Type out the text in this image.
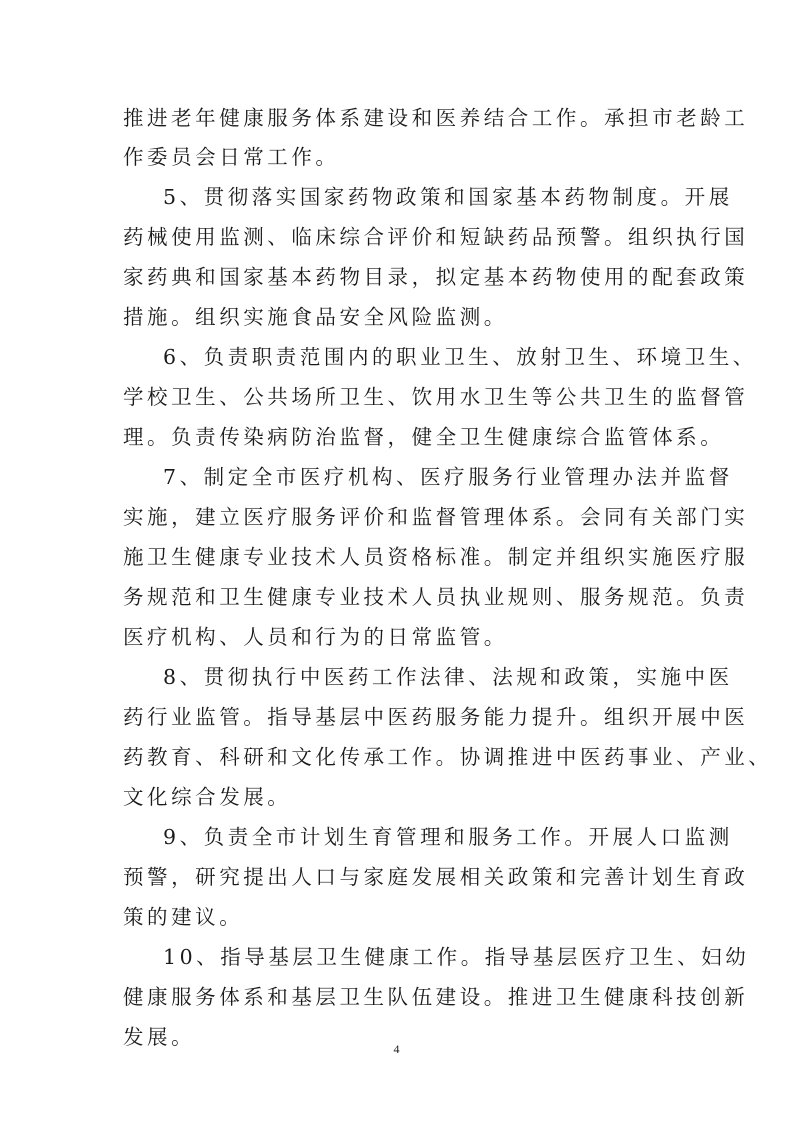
推进老年健康服务体系建设和医养结合工作。承担市老龄工
作委员会日常工作。
5、贯彻落实国家药物政策和国家基本药物制度。开展
药械使用监测、临床综合评价和短缺药品预警。组织执行国
家药典和国家基本药物目录，拟定基本药物使用的配套政策
措施。组织实施食品安全风险监测。
6、负责职责范围内的职业卫生、放射卫生、环境卫生、
学校卫生、公共场所卫生、饮用水卫生等公共卫生的监督管
理。负责传染病防治监督，健全卫生健康综合监管体系。
7、制定全市医疗机构、医疗服务行业管理办法并监督
实施，建立医疗服务评价和监督管理体系。会同有关部门实
施卫生健康专业技术人员资格标准。制定并组织实施医疗服
务规范和卫生健康专业技术人员执业规则、服务规范。负责
医疗机构、人员和行为的日常监管。
8、贯彻执行中医药工作法律、法规和政策，实施中医
药行业监管。指导基层中医药服务能力提升。组织开展中医
药教育、科研和文化传承工作。协调推进中医药事业、产业、
文化综合发展。
9、负责全市计划生育管理和服务工作。开展人口监测
预警，研究提出人口与家庭发展相关政策和完善计划生育政
策的建议。
10、指导基层卫生健康工作。指导基层医疗卫生、妇幼
健康服务体系和基层卫生队伍建设。推进卫生健康科技创新
发展。	4
